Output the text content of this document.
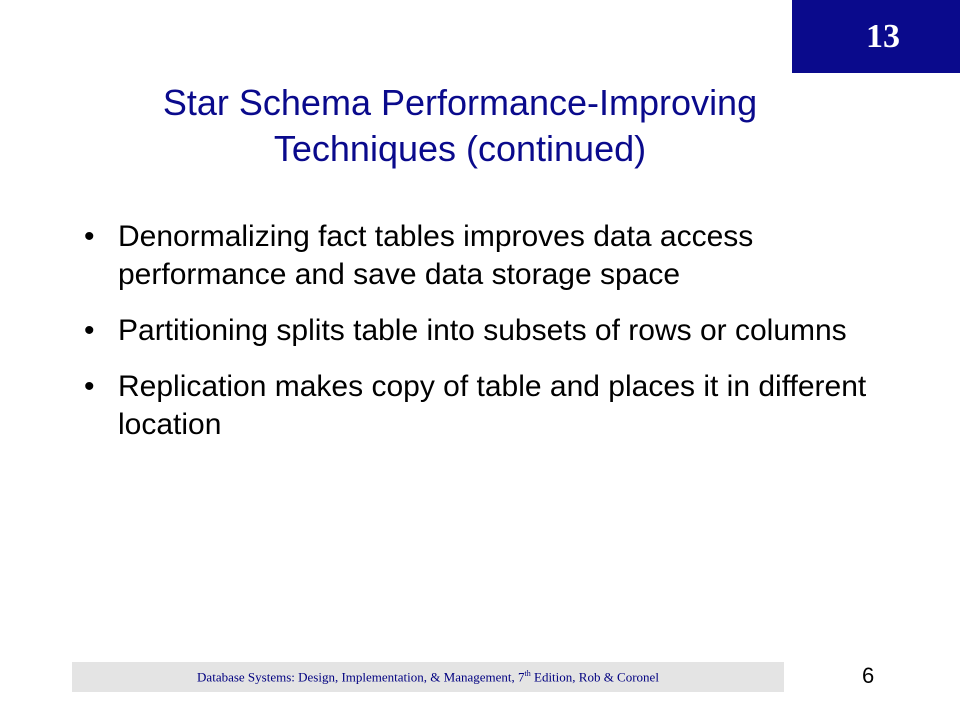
13
Star Schema Performance-Improving
Techniques (continued)
• Denormalizing fact tables improves data access performance and save data storage space
• Partitioning splits table into subsets of rows or columns
• Replication makes copy of table and places it in different location
Database Systems: Design, Implementation, & Management, 7th Edition, Rob & Coronel	6
